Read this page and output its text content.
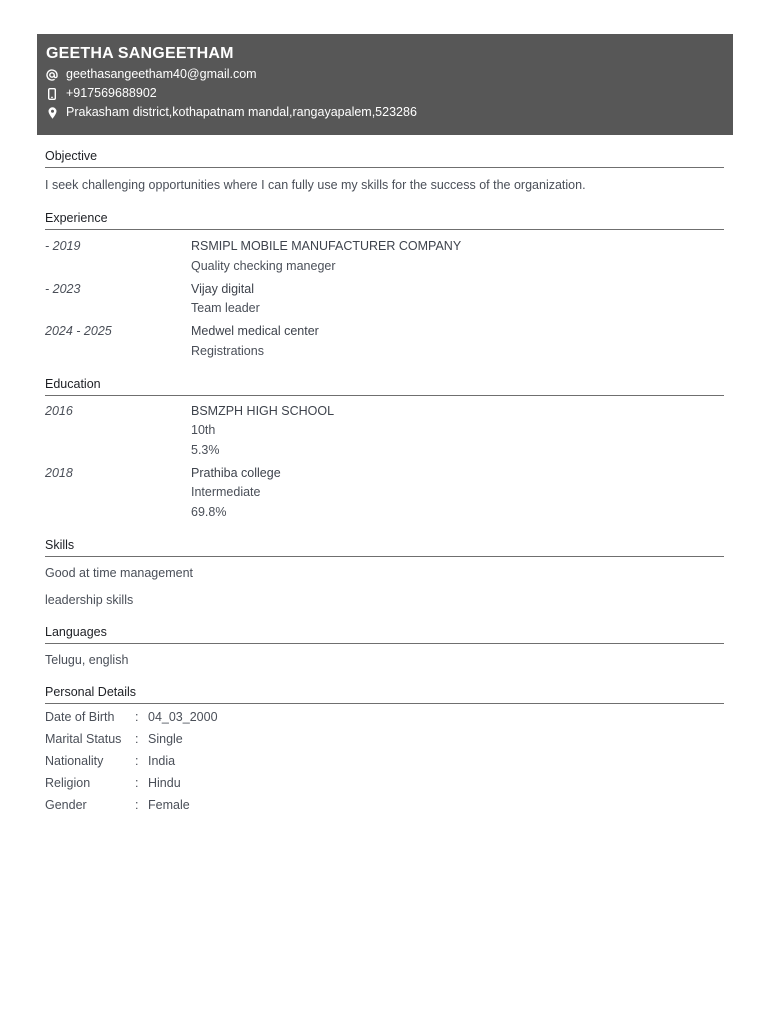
GEETHA SANGEETHAM
geethasangeetham40@gmail.com
+917569688902
Prakasham district,kothapatnam mandal,rangayapalem,523286
Objective
I seek challenging opportunities where I can fully use my skills for the success of the organization.
Experience
- 2019	RSMIPL MOBILE MANUFACTURER COMPANY
Quality checking maneger
- 2023	Vijay digital
Team leader
2024 - 2025	Medwel medical center
Registrations
Education
2016	BSMZPH HIGH SCHOOL
10th
5.3%
2018	Prathiba college
Intermediate
69.8%
Skills
Good at time management
leadership skills
Languages
Telugu, english
Personal Details
Date of Birth	: 04_03_2000
Marital Status	: Single
Nationality	: India
Religion	: Hindu
Gender	: Female
